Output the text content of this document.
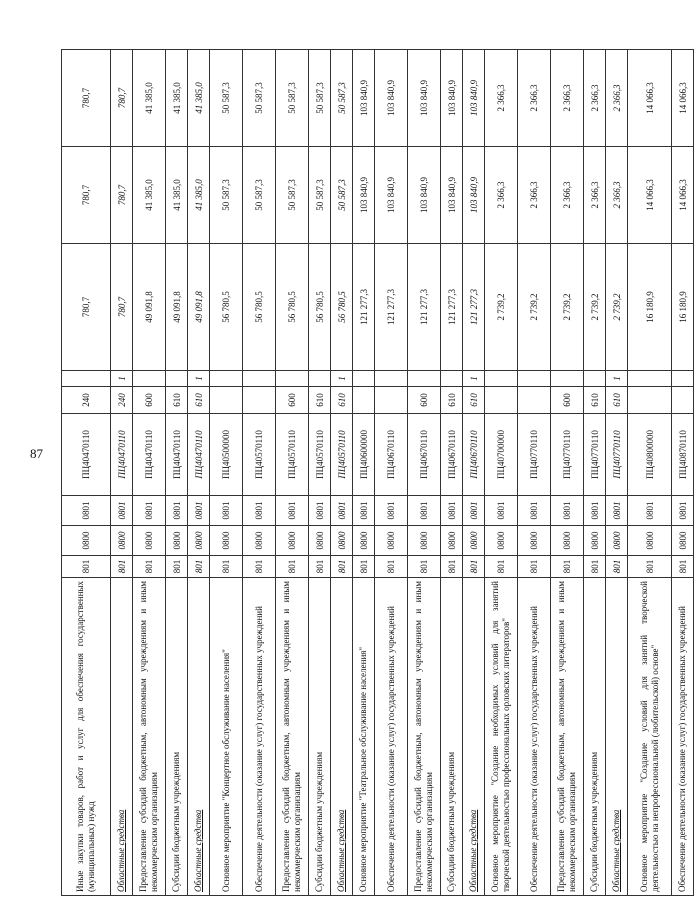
87
Иные закупки товаров, работ и услуг для обеспечения государственных (муниципальных) нужд	801	0800	0801	ПЦ40470110	240		780,7	780,7	780,7
Областные средства	801	0800	0801	ПЦ40470110	240	1	780,7	780,7	780,7
Предоставление субсидий бюджетным, автономным учреждениям и иным некоммерческим организациям	801	0800	0801	ПЦ40470110	600		49 091,8	41 385,0	41 385,0
Субсидии бюджетным учреждениям	801	0800	0801	ПЦ40470110	610		49 091,8	41 385,0	41 385,0
Областные средства	801	0800	0801	ПЦ40470110	610	1	49 091,8	41 385,0	41 385,0
Основное мероприятие "Концертное обслуживание населения"	801	0800	0801	ПЦ40500000			56 780,5	50 587,3	50 587,3
Обеспечение деятельности (оказание услуг) государственных учреждений	801	0800	0801	ПЦ40570110			56 780,5	50 587,3	50 587,3
Предоставление субсидий бюджетным, автономным учреждениям и иным некоммерческим организациям	801	0800	0801	ПЦ40570110	600		56 780,5	50 587,3	50 587,3
Субсидии бюджетным учреждениям	801	0800	0801	ПЦ40570110	610		56 780,5	50 587,3	50 587,3
Областные средства	801	0800	0801	ПЦ40570110	610	1	56 780,5	50 587,3	50 587,3
Основное мероприятие "Театральное обслуживание населения"	801	0800	0801	ПЦ40600000			121 277,3	103 840,9	103 840,9
Обеспечение деятельности (оказание услуг) государственных учреждений	801	0800	0801	ПЦ40670110			121 277,3	103 840,9	103 840,9
Предоставление субсидий бюджетным, автономным учреждениям и иным некоммерческим организациям	801	0800	0801	ПЦ40670110	600		121 277,3	103 840,9	103 840,9
Субсидии бюджетным учреждениям	801	0800	0801	ПЦ40670110	610		121 277,3	103 840,9	103 840,9
Областные средства	801	0800	0801	ПЦ40670110	610	1	121 277,3	103 840,9	103 840,9
Основное мероприятие "Создание необходимых условий для занятий творческой деятельностью профессиональных орловских литераторов"	801	0800	0801	ПЦ40700000			2 739,2	2 366,3	2 366,3
Обеспечение деятельности (оказание услуг) государственных учреждений	801	0800	0801	ПЦ40770110			2 739,2	2 366,3	2 366,3
Предоставление субсидий бюджетным, автономным учреждениям и иным некоммерческим организациям	801	0800	0801	ПЦ40770110	600		2 739,2	2 366,3	2 366,3
Субсидии бюджетным учреждениям	801	0800	0801	ПЦ40770110	610		2 739,2	2 366,3	2 366,3
Областные средства	801	0800	0801	ПЦ40770110	610	1	2 739,2	2 366,3	2 366,3
Основное мероприятие "Создание условий для занятий творческой деятельностью на непрофессиональной (любительской) основе"	801	0800	0801	ПЦ40800000			16 180,9	14 066,3	14 066,3
Обеспечение деятельности (оказание услуг) государственных учреждений	801	0800	0801	ПЦ40870110			16 180,9	14 066,3	14 066,3
